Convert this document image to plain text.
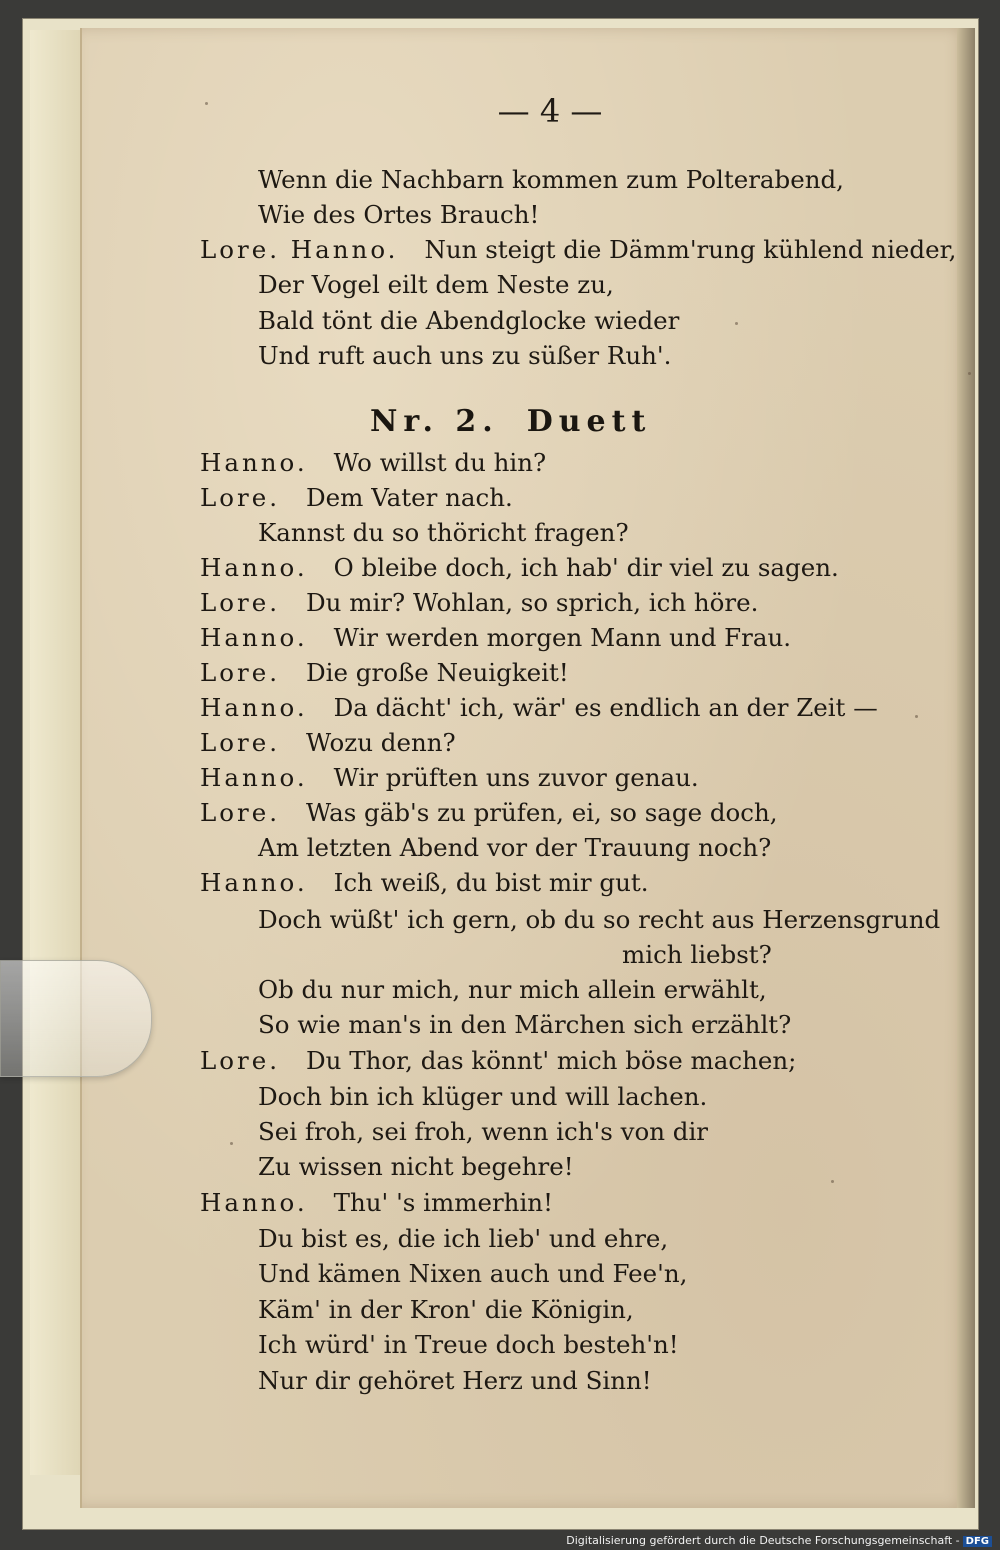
— 4 —
Nr. 2. Duett
Wenn die Nachbarn kommen zum Polterabend,
Wie des Ortes Brauch!
Lore. Hanno. Nun steigt die Dämm'rung kühlend nieder,
Der Vogel eilt dem Neste zu,
Bald tönt die Abendglocke wieder
Und ruft auch uns zu süßer Ruh'.
Hanno. Wo willst du hin?
Lore. Dem Vater nach.
Kannst du so thöricht fragen?
Hanno. O bleibe doch, ich hab' dir viel zu sagen.
Lore. Du mir? Wohlan, so sprich, ich höre.
Hanno. Wir werden morgen Mann und Frau.
Lore. Die große Neuigkeit!
Hanno. Da dächt' ich, wär' es endlich an der Zeit —
Lore. Wozu denn?
Hanno. Wir prüften uns zuvor genau.
Lore. Was gäb's zu prüfen, ei, so sage doch,
Am letzten Abend vor der Trauung noch?
Hanno. Ich weiß, du bist mir gut.
Doch wüßt' ich gern, ob du so recht aus Herzensgrund
mich liebst?
Ob du nur mich, nur mich allein erwählt,
So wie man's in den Märchen sich erzählt?
Lore. Du Thor, das könnt' mich böse machen;
Doch bin ich klüger und will lachen.
Sei froh, sei froh, wenn ich's von dir
Zu wissen nicht begehre!
Hanno. Thu' 's immerhin!
Du bist es, die ich lieb' und ehre,
Und kämen Nixen auch und Fee'n,
Käm' in der Kron' die Königin,
Ich würd' in Treue doch besteh'n!
Nur dir gehöret Herz und Sinn!
Digitalisierung gefördert durch die Deutsche Forschungsgemeinschaft - DFG
